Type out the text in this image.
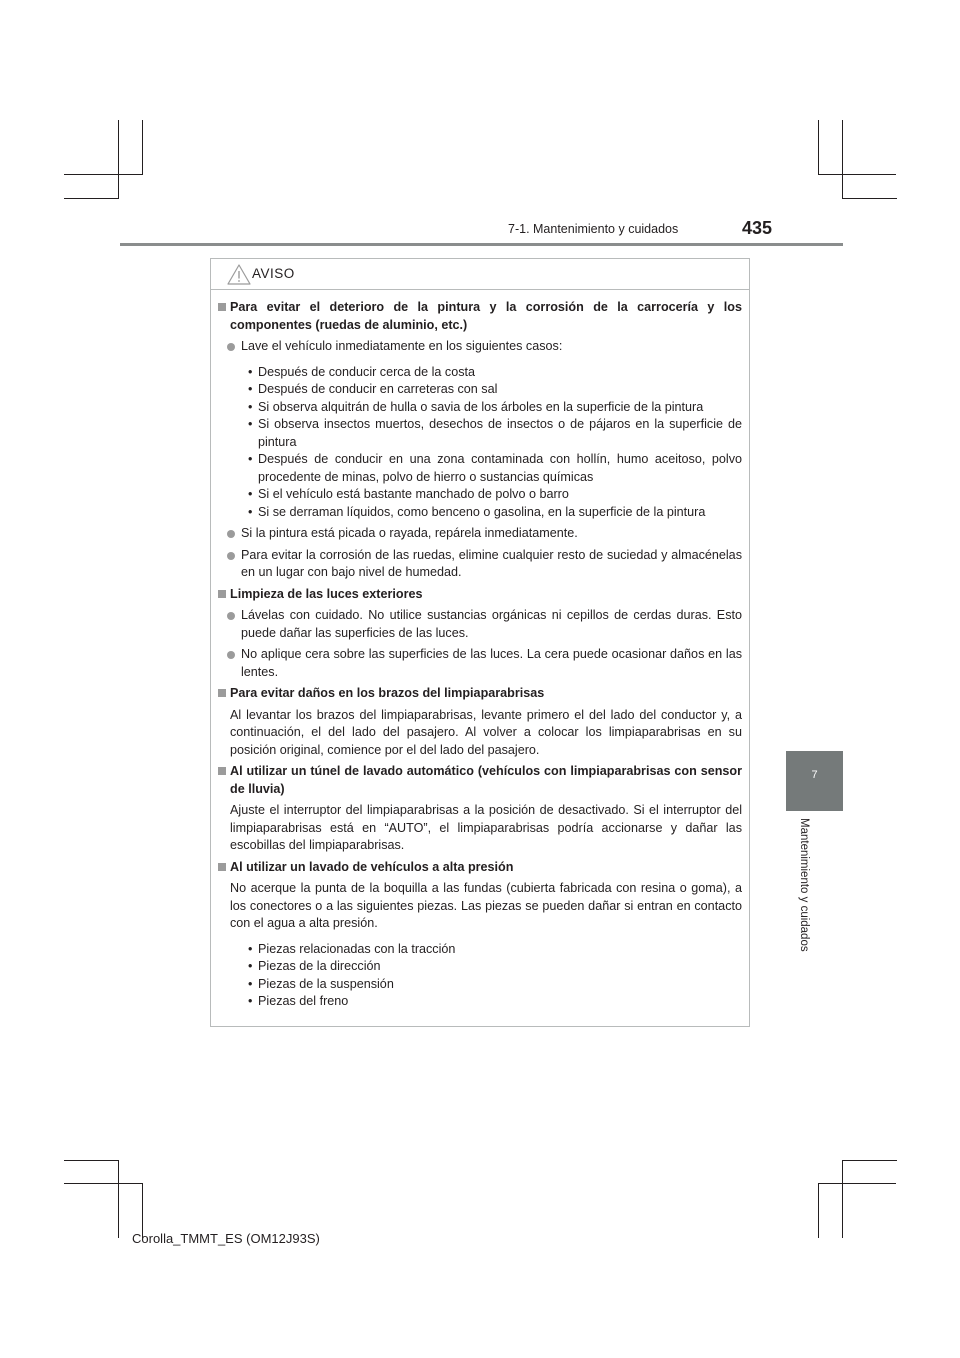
7-1. Mantenimiento y cuidados	435
7
Mantenimiento y cuidados
AVISO
Para evitar el deterioro de la pintura y la corrosión de la carrocería y los componentes (ruedas de aluminio, etc.)
Lave el vehículo inmediatamente en los siguientes casos:
• Después de conducir cerca de la costa
• Después de conducir en carreteras con sal
• Si observa alquitrán de hulla o savia de los árboles en la superficie de la pintura
• Si observa insectos muertos, desechos de insectos o de pájaros en la superficie de pintura
• Después de conducir en una zona contaminada con hollín, humo aceitoso, polvo procedente de minas, polvo de hierro o sustancias químicas
• Si el vehículo está bastante manchado de polvo o barro
• Si se derraman líquidos, como benceno o gasolina, en la superficie de la pintura
Si la pintura está picada o rayada, repárela inmediatamente.
Para evitar la corrosión de las ruedas, elimine cualquier resto de suciedad y almacénelas en un lugar con bajo nivel de humedad.
Limpieza de las luces exteriores
Lávelas con cuidado. No utilice sustancias orgánicas ni cepillos de cerdas duras. Esto puede dañar las superficies de las luces.
No aplique cera sobre las superficies de las luces. La cera puede ocasionar daños en las lentes.
Para evitar daños en los brazos del limpiaparabrisas
Al levantar los brazos del limpiaparabrisas, levante primero el del lado del conductor y, a continuación, el del lado del pasajero. Al volver a colocar los limpiaparabrisas en su posición original, comience por el del lado del pasajero.
Al utilizar un túnel de lavado automático (vehículos con limpiaparabrisas con sensor de lluvia)
Ajuste el interruptor del limpiaparabrisas a la posición de desactivado. Si el interruptor del limpiaparabrisas está en “AUTO”, el limpiaparabrisas podría accionarse y dañar las escobillas del limpiaparabrisas.
Al utilizar un lavado de vehículos a alta presión
No acerque la punta de la boquilla a las fundas (cubierta fabricada con resina o goma), a los conectores o a las siguientes piezas. Las piezas se pueden dañar si entran en contacto con el agua a alta presión.
• Piezas relacionadas con la tracción
• Piezas de la dirección
• Piezas de la suspensión
• Piezas del freno
Corolla_TMMT_ES (OM12J93S)
